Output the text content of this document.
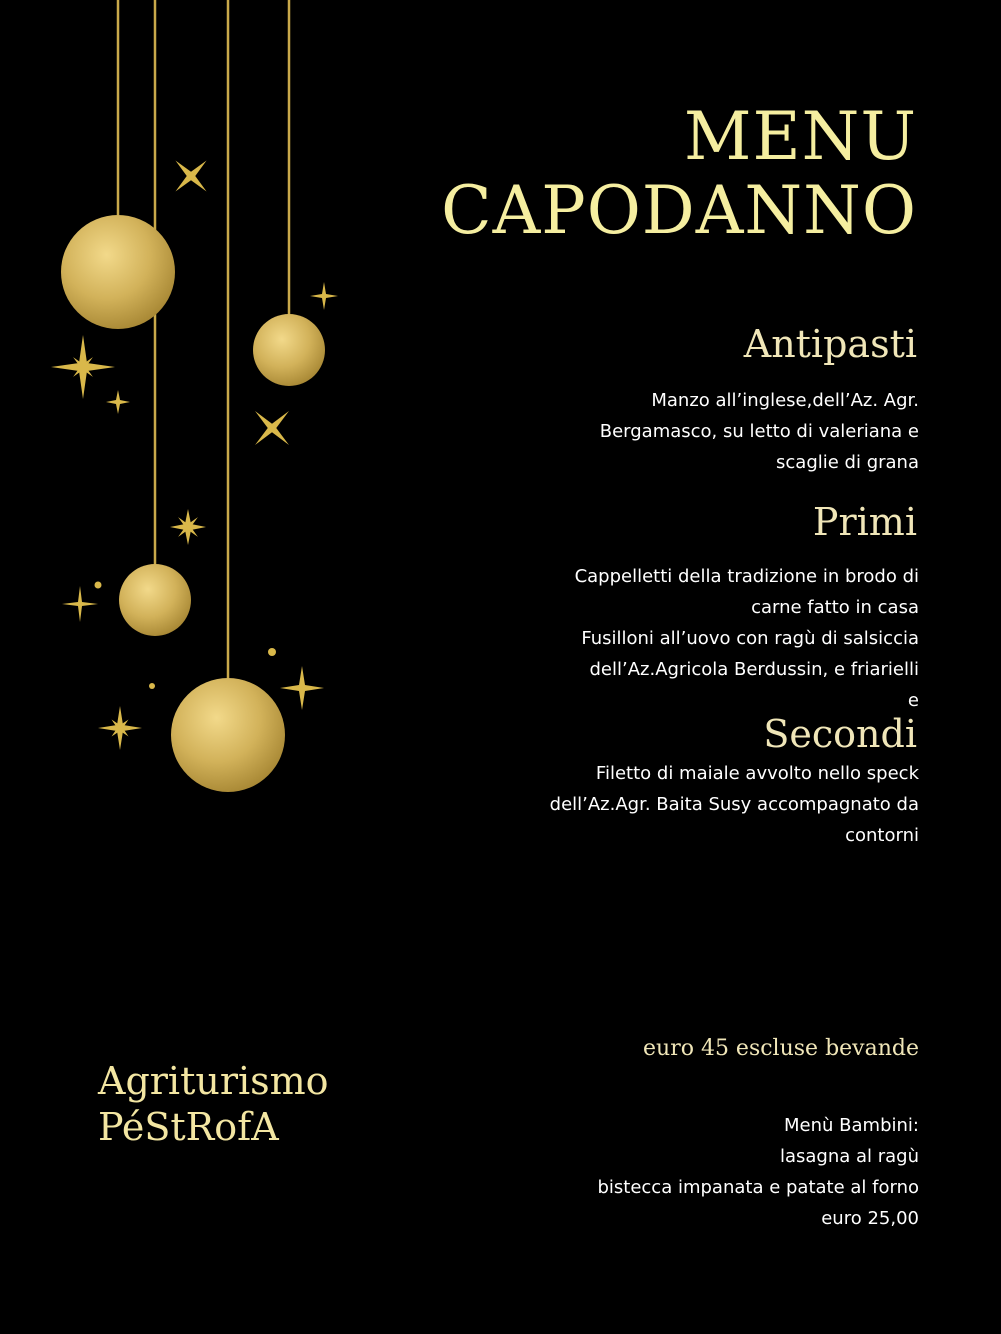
MENU
CAPODANNO
Antipasti
Manzo all’inglese,dell’Az. Agr.
Bergamasco, su letto di valeriana e
scaglie di grana
Primi
Cappelletti della tradizione in brodo di
carne fatto in casa
Fusilloni all’uovo con ragù di salsiccia
dell’Az.Agricola Berdussin, e friarielli
e
Secondi
Filetto di maiale avvolto nello speck
dell’Az.Agr. Baita Susy accompagnato da
contorni
euro 45 escluse bevande
Menù Bambini:
lasagna al ragù
bistecca impanata e patate al forno
euro 25,00
Agriturismo
PéStRofA
